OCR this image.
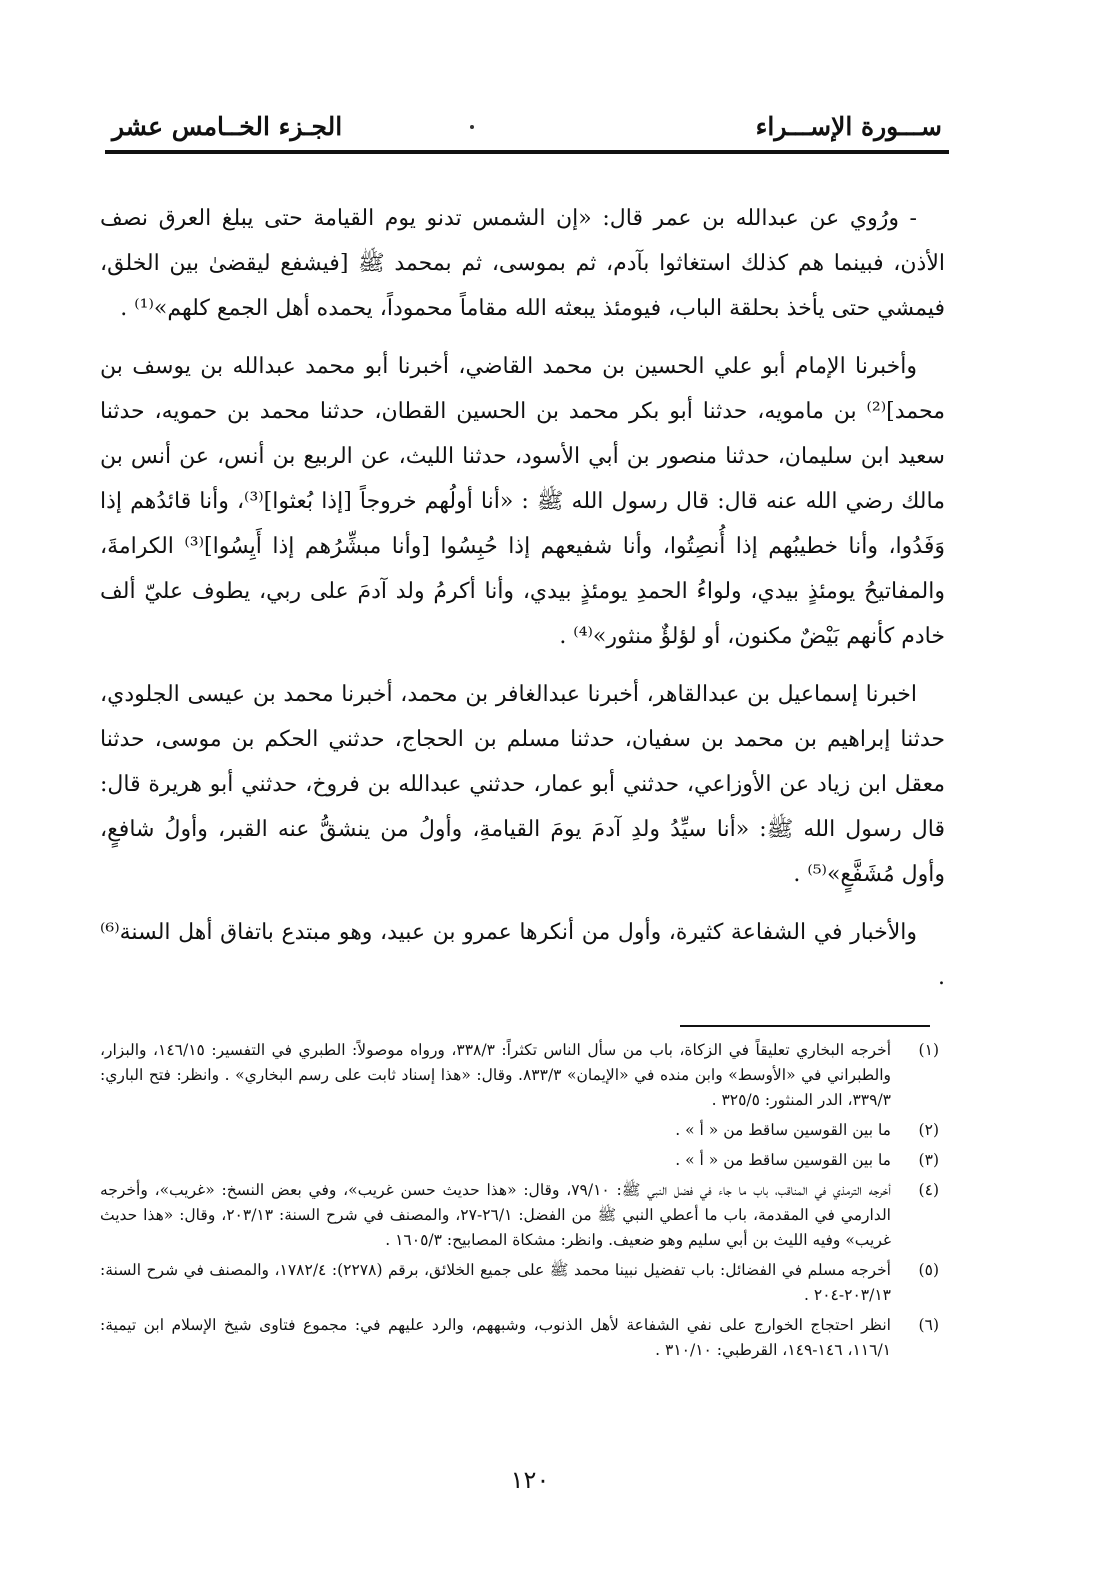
ســـورة الإســـراء
الجـزء الخــامس عشر

- ورُوي عن عبدالله بن عمر قال: «إن الشمس تدنو يوم القيامة حتى يبلغ العرق نصف الأذن، فبينما هم كذلك استغاثوا بآدم، ثم بموسى، ثم بمحمد ﷺ [فيشفع ليقضىٰ بين الخلق، فيمشي حتى يأخذ بحلقة الباب، فيومئذ يبعثه الله مقاماً محموداً، يحمده أهل الجمع كلهم»⁽¹⁾ .

وأخبرنا الإمام أبو علي الحسين بن محمد القاضي، أخبرنا أبو محمد عبدالله بن يوسف بن محمد]⁽²⁾ بن مامويه، حدثنا أبو بكر محمد بن الحسين القطان، حدثنا محمد بن حمويه، حدثنا سعيد ابن سليمان، حدثنا منصور بن أبي الأسود، حدثنا الليث، عن الربيع بن أنس، عن أنس بن مالك رضي الله عنه قال: قال رسول الله ﷺ : «أنا أولُهم خروجاً [إذا بُعثوا]⁽³⁾، وأنا قائدُهم إذا وَفَدُوا، وأنا خطيبُهم إذا أُنصِتُوا، وأنا شفيعهم إذا حُبِسُوا [وأنا مبشِّرُهم إذا أَيِسُوا]⁽³⁾ الكرامةَ، والمفاتيحُ يومئذٍ بيدي، ولواءُ الحمدِ يومئذٍ بيدي، وأنا أكرمُ ولد آدمَ على ربي، يطوف عليّ ألف خادم كأنهم بَيْضٌ مكنون، أو لؤلؤٌ منثور»⁽⁴⁾ .

اخبرنا إسماعيل بن عبدالقاهر، أخبرنا عبدالغافر بن محمد، أخبرنا محمد بن عيسى الجلودي، حدثنا إبراهيم بن محمد بن سفيان، حدثنا مسلم بن الحجاج، حدثني الحكم بن موسى، حدثنا معقل ابن زياد عن الأوزاعي، حدثني أبو عمار، حدثني عبدالله بن فروخ، حدثني أبو هريرة قال: قال رسول الله ﷺ: «أنا سيِّدُ ولدِ آدمَ يومَ القيامةِ، وأولُ من ينشقُّ عنه القبر، وأولُ شافعٍ، وأول مُشَفَّعٍ»⁽⁵⁾ .

والأخبار في الشفاعة كثيرة، وأول من أنكرها عمرو بن عبيد، وهو مبتدع باتفاق أهل السنة⁽⁶⁾ .

(١)
أخرجه البخاري تعليقاً في الزكاة، باب من سأل الناس تكثراً: ٣٣٨/٣، ورواه موصولاً: الطبري في التفسير: ١٤٦/١٥، والبزار، والطبراني في «الأوسط» وابن منده في «الإيمان» ٨٣٣/٣. وقال: «هذا إسناد ثابت على رسم البخاري» . وانظر: فتح الباري: ٣٣٩/٣، الدر المنثور: ٣٢٥/٥ .
(٢)
ما بين القوسين ساقط من « أ » .
(٣)
ما بين القوسين ساقط من « أ » .
(٤)
أخرجه الترمذي في المناقب، باب ما جاء في فضل النبي ﷺ: ٧٩/١٠، وقال: «هذا حديث حسن غريب»، وفي بعض النسخ: «غريب»، وأخرجه الدارمي في المقدمة، باب ما أعطي النبي ﷺ من الفضل: ٢٦/١-٢٧، والمصنف في شرح السنة: ٢٠٣/١٣، وقال: «هذا حديث غريب» وفيه الليث بن أبي سليم وهو ضعيف. وانظر: مشكاة المصابيح: ١٦٠٥/٣ .
(٥)
أخرجه مسلم في الفضائل: باب تفضيل نبينا محمد ﷺ على جميع الخلائق، برقم (٢٢٧٨): ١٧٨٢/٤، والمصنف في شرح السنة: ٢٠٣/١٣-٢٠٤ .
(٦)
انظر احتجاج الخوارج على نفي الشفاعة لأهل الذنوب، وشبههم، والرد عليهم في: مجموع فتاوى شيخ الإسلام ابن تيمية: ١١٦/١، ١٤٦-١٤٩، القرطبي: ٣١٠/١٠ .
١٢٠
